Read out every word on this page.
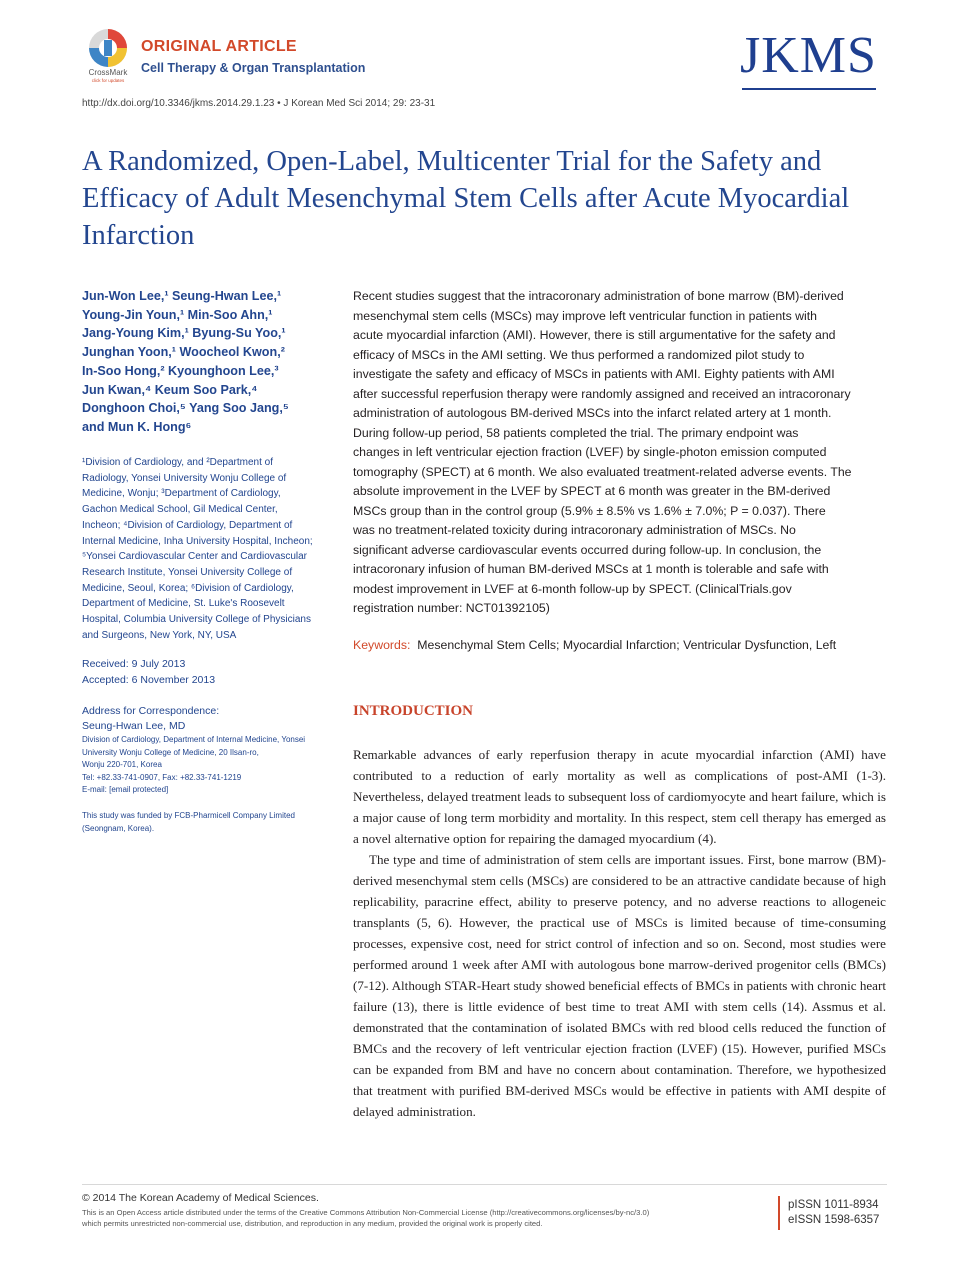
CrossMark
click for updates
ORIGINAL ARTICLE
Cell Therapy & Organ Transplantation	JKMS
http://dx.doi.org/10.3346/jkms.2014.29.1.23 • J Korean Med Sci 2014; 29: 23-31
A Randomized, Open-Label, Multicenter Trial for the Safety and Efficacy of Adult Mesenchymal Stem Cells after Acute Myocardial Infarction
Jun-Won Lee,¹ Seung-Hwan Lee,¹
Young-Jin Youn,¹ Min-Soo Ahn,¹
Jang-Young Kim,¹ Byung-Su Yoo,¹
Junghan Yoon,¹ Woocheol Kwon,²
In-Soo Hong,² Kyounghoon Lee,³
Jun Kwan,⁴ Keum Soo Park,⁴
Donghoon Choi,⁵ Yang Soo Jang,⁵
and Mun K. Hong⁶
¹Division of Cardiology, and ²Department of
Radiology, Yonsei University Wonju College of
Medicine, Wonju; ³Department of Cardiology,
Gachon Medical School, Gil Medical Center,
Incheon; ⁴Division of Cardiology, Department of
Internal Medicine, Inha University Hospital, Incheon;
⁵Yonsei Cardiovascular Center and Cardiovascular
Research Institute, Yonsei University College of
Medicine, Seoul, Korea; ⁶Division of Cardiology,
Department of Medicine, St. Luke's Roosevelt
Hospital, Columbia University College of Physicians
and Surgeons, New York, NY, USA
Received: 9 July 2013
Accepted: 6 November 2013
Address for Correspondence:
Seung-Hwan Lee, MD
Division of Cardiology, Department of Internal Medicine, Yonsei
University Wonju College of Medicine, 20 Ilsan-ro,
Wonju 220-701, Korea
Tel: +82.33-741-0907, Fax: +82.33-741-1219
E-mail: [email protected]
This study was funded by FCB-Pharmicell Company Limited
(Seongnam, Korea).
Recent studies suggest that the intracoronary administration of bone marrow (BM)-derived
mesenchymal stem cells (MSCs) may improve left ventricular function in patients with
acute myocardial infarction (AMI). However, there is still argumentative for the safety and
efficacy of MSCs in the AMI setting. We thus performed a randomized pilot study to
investigate the safety and efficacy of MSCs in patients with AMI. Eighty patients with AMI
after successful reperfusion therapy were randomly assigned and received an intracoronary
administration of autologous BM-derived MSCs into the infarct related artery at 1 month.
During follow-up period, 58 patients completed the trial. The primary endpoint was
changes in left ventricular ejection fraction (LVEF) by single-photon emission computed
tomography (SPECT) at 6 month. We also evaluated treatment-related adverse events. The
absolute improvement in the LVEF by SPECT at 6 month was greater in the BM-derived
MSCs group than in the control group (5.9% ± 8.5% vs 1.6% ± 7.0%; P = 0.037). There
was no treatment-related toxicity during intracoronary administration of MSCs. No
significant adverse cardiovascular events occurred during follow-up. In conclusion, the
intracoronary infusion of human BM-derived MSCs at 1 month is tolerable and safe with
modest improvement in LVEF at 6-month follow-up by SPECT. (ClinicalTrials.gov
registration number: NCT01392105)
Keywords: Mesenchymal Stem Cells; Myocardial Infarction; Ventricular Dysfunction, Left
INTRODUCTION

Remarkable advances of early reperfusion therapy in acute myocardial infarction (AMI) have contributed to a reduction of early mortality as well as complications of post-AMI (1-3). Nevertheless, delayed treatment leads to subsequent loss of cardiomyocyte and heart failure, which is a major cause of long term morbidity and mortality. In this respect, stem cell therapy has emerged as a novel alternative option for repairing the damaged myocardium (4).

The type and time of administration of stem cells are important issues. First, bone marrow (BM)-derived mesenchymal stem cells (MSCs) are considered to be an attractive candidate because of high replicability, paracrine effect, ability to preserve potency, and no adverse reactions to allogeneic transplants (5, 6). However, the practical use of MSCs is limited because of time-consuming processes, expensive cost, need for strict control of infection and so on. Second, most studies were performed around 1 week after AMI with autologous bone marrow-derived progenitor cells (BMCs) (7-12). Although STAR-Heart study showed beneficial effects of BMCs in patients with chronic heart failure (13), there is little evidence of best time to treat AMI with stem cells (14). Assmus et al. demonstrated that the contamination of isolated BMCs with red blood cells reduced the function of BMCs and the recovery of left ventricular ejection fraction (LVEF) (15). However, purified MSCs can be expanded from BM and have no concern about contamination. Therefore, we hypothesized that treatment with purified BM-derived MSCs would be effective in patients with AMI despite of delayed administration.

© 2014 The Korean Academy of Medical Sciences.
This is an Open Access article distributed under the terms of the Creative Commons Attribution Non-Commercial License (http://creativecommons.org/licenses/by-nc/3.0)
which permits unrestricted non-commercial use, distribution, and reproduction in any medium, provided the original work is properly cited.
pISSN 1011-8934
eISSN 1598-6357
